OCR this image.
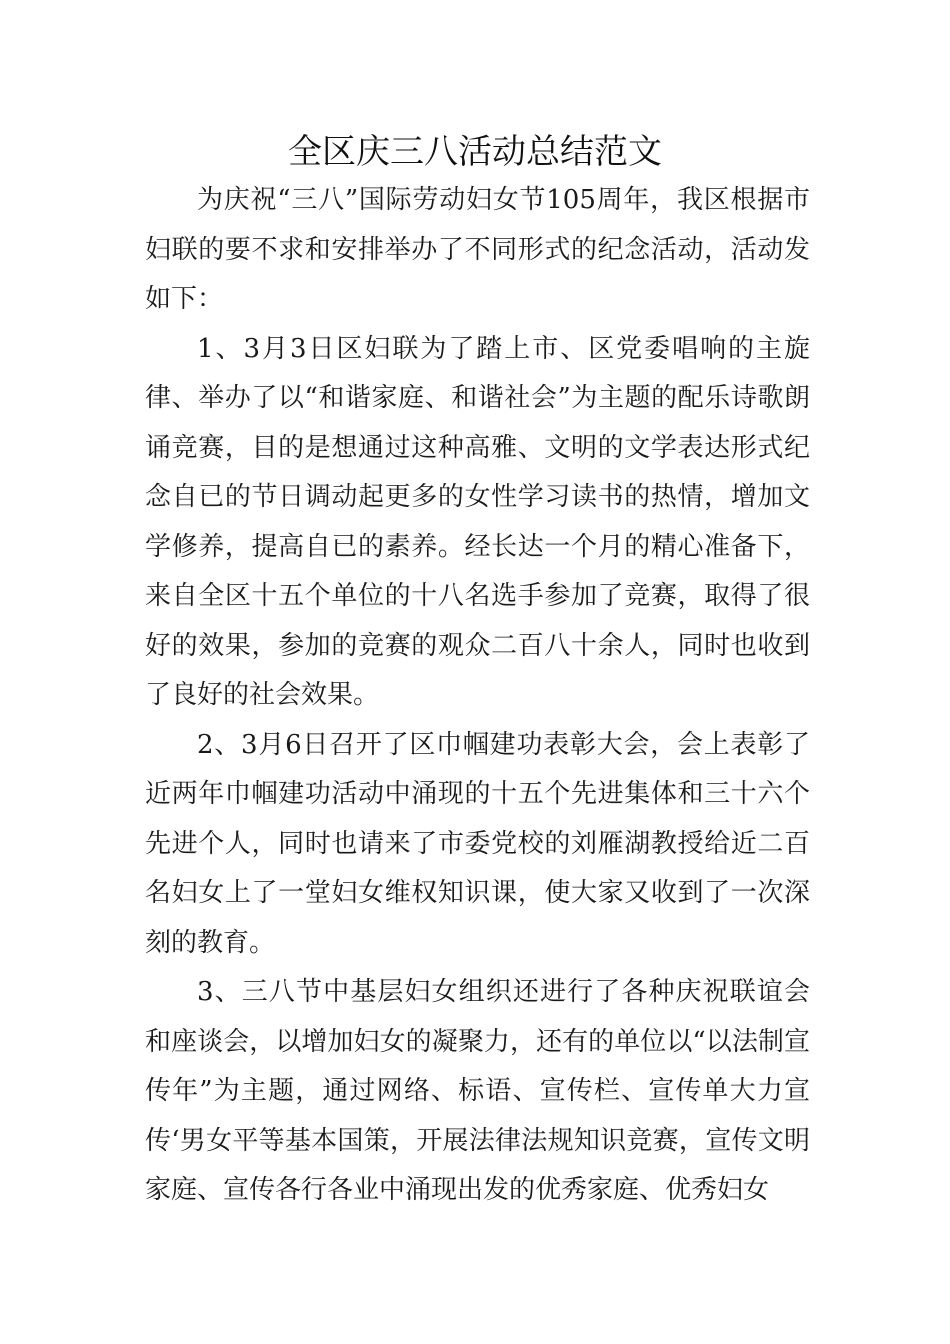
全区庆三八活动总结范文

为庆祝“三八”国际劳动妇女节105周年，我区根据市妇联的要不求和安排举办了不同形式的纪念活动，活动发如下：

1、3月3日区妇联为了踏上市、区党委唱响的主旋律、举办了以“和谐家庭、和谐社会”为主题的配乐诗歌朗诵竞赛，目的是想通过这种高雅、文明的文学表达形式纪念自已的节日调动起更多的女性学习读书的热情，增加文学修养，提高自已的素养。经长达一个月的精心准备下，来自全区十五个单位的十八名选手参加了竞赛，取得了很好的效果，参加的竞赛的观众二百八十余人，同时也收到了良好的社会效果。

2、3月6日召开了区巾帼建功表彰大会，会上表彰了近两年巾帼建功活动中涌现的十五个先进集体和三十六个先进个人，同时也请来了市委党校的刘雁湖教授给近二百名妇女上了一堂妇女维权知识课，使大家又收到了一次深刻的教育。

3、三八节中基层妇女组织还进行了各种庆祝联谊会和座谈会，以增加妇女的凝聚力，还有的单位以“以法制宣传年”为主题，通过网络、标语、宣传栏、宣传单大力宣传‘男女平等基本国策，开展法律法规知识竞赛，宣传文明家庭、宣传各行各业中涌现出发的优秀家庭、优秀妇女
